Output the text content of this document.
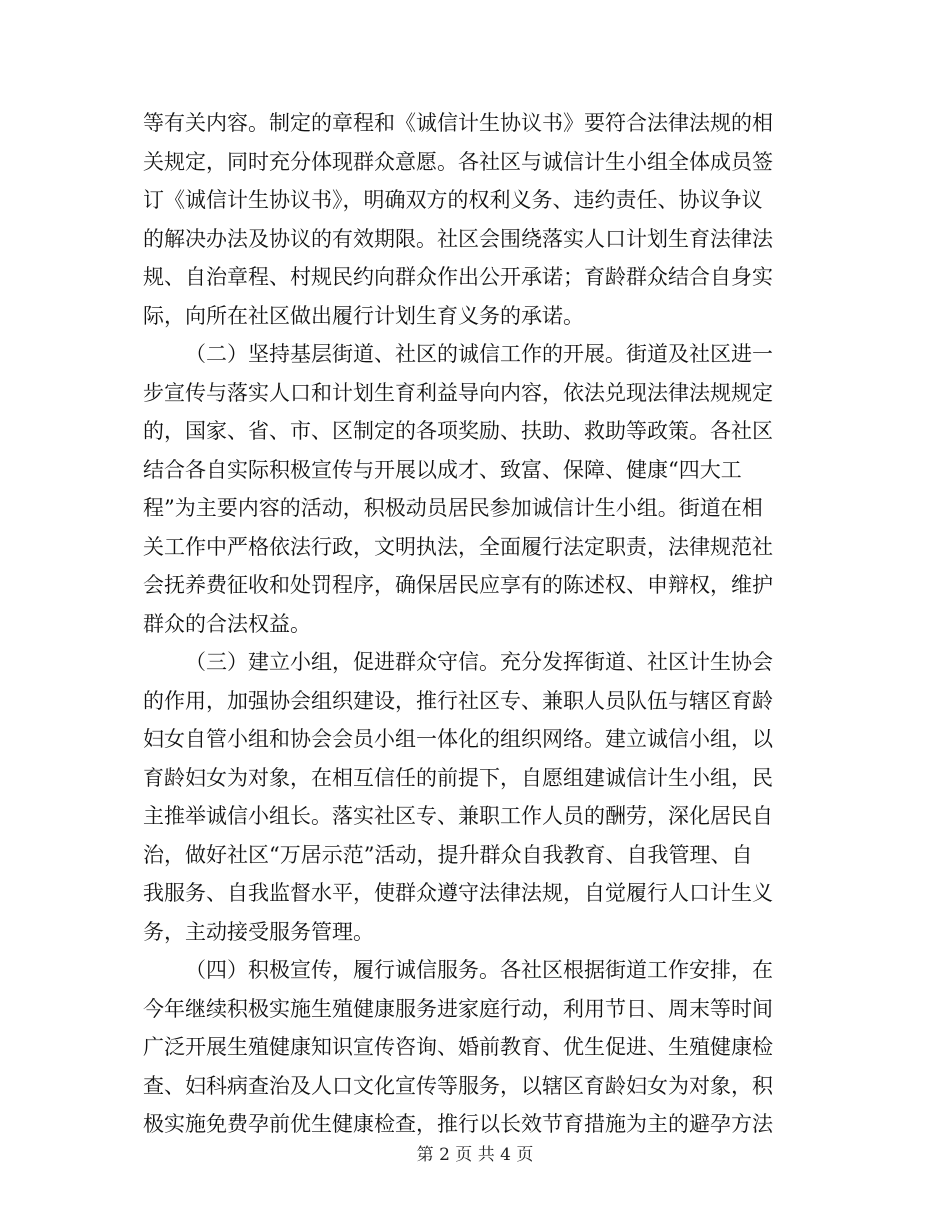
等有关内容。制定的章程和《诚信计生协议书》要符合法律法规的相
关规定，同时充分体现群众意愿。各社区与诚信计生小组全体成员签
订《诚信计生协议书》，明确双方的权利义务、违约责任、协议争议
的解决办法及协议的有效期限。社区会围绕落实人口计划生育法律法
规、自治章程、村规民约向群众作出公开承诺；育龄群众结合自身实
际，向所在社区做出履行计划生育义务的承诺。
（二）坚持基层街道、社区的诚信工作的开展。街道及社区进一
步宣传与落实人口和计划生育利益导向内容，依法兑现法律法规规定
的，国家、省、市、区制定的各项奖励、扶助、救助等政策。各社区
结合各自实际积极宣传与开展以成才、致富、保障、健康“四大工
程”为主要内容的活动，积极动员居民参加诚信计生小组。街道在相
关工作中严格依法行政，文明执法，全面履行法定职责，法律规范社
会抚养费征收和处罚程序，确保居民应享有的陈述权、申辩权，维护
群众的合法权益。
（三）建立小组，促进群众守信。充分发挥街道、社区计生协会
的作用，加强协会组织建设，推行社区专、兼职人员队伍与辖区育龄
妇女自管小组和协会会员小组一体化的组织网络。建立诚信小组，以
育龄妇女为对象，在相互信任的前提下，自愿组建诚信计生小组，民
主推举诚信小组长。落实社区专、兼职工作人员的酬劳，深化居民自
治，做好社区“万居示范”活动，提升群众自我教育、自我管理、自
我服务、自我监督水平，使群众遵守法律法规，自觉履行人口计生义
务，主动接受服务管理。
（四）积极宣传，履行诚信服务。各社区根据街道工作安排，在
今年继续积极实施生殖健康服务进家庭行动，利用节日、周末等时间
广泛开展生殖健康知识宣传咨询、婚前教育、优生促进、生殖健康检
查、妇科病查治及人口文化宣传等服务，以辖区育龄妇女为对象，积
极实施免费孕前优生健康检查，推行以长效节育措施为主的避孕方法
第 2 页 共 4 页
